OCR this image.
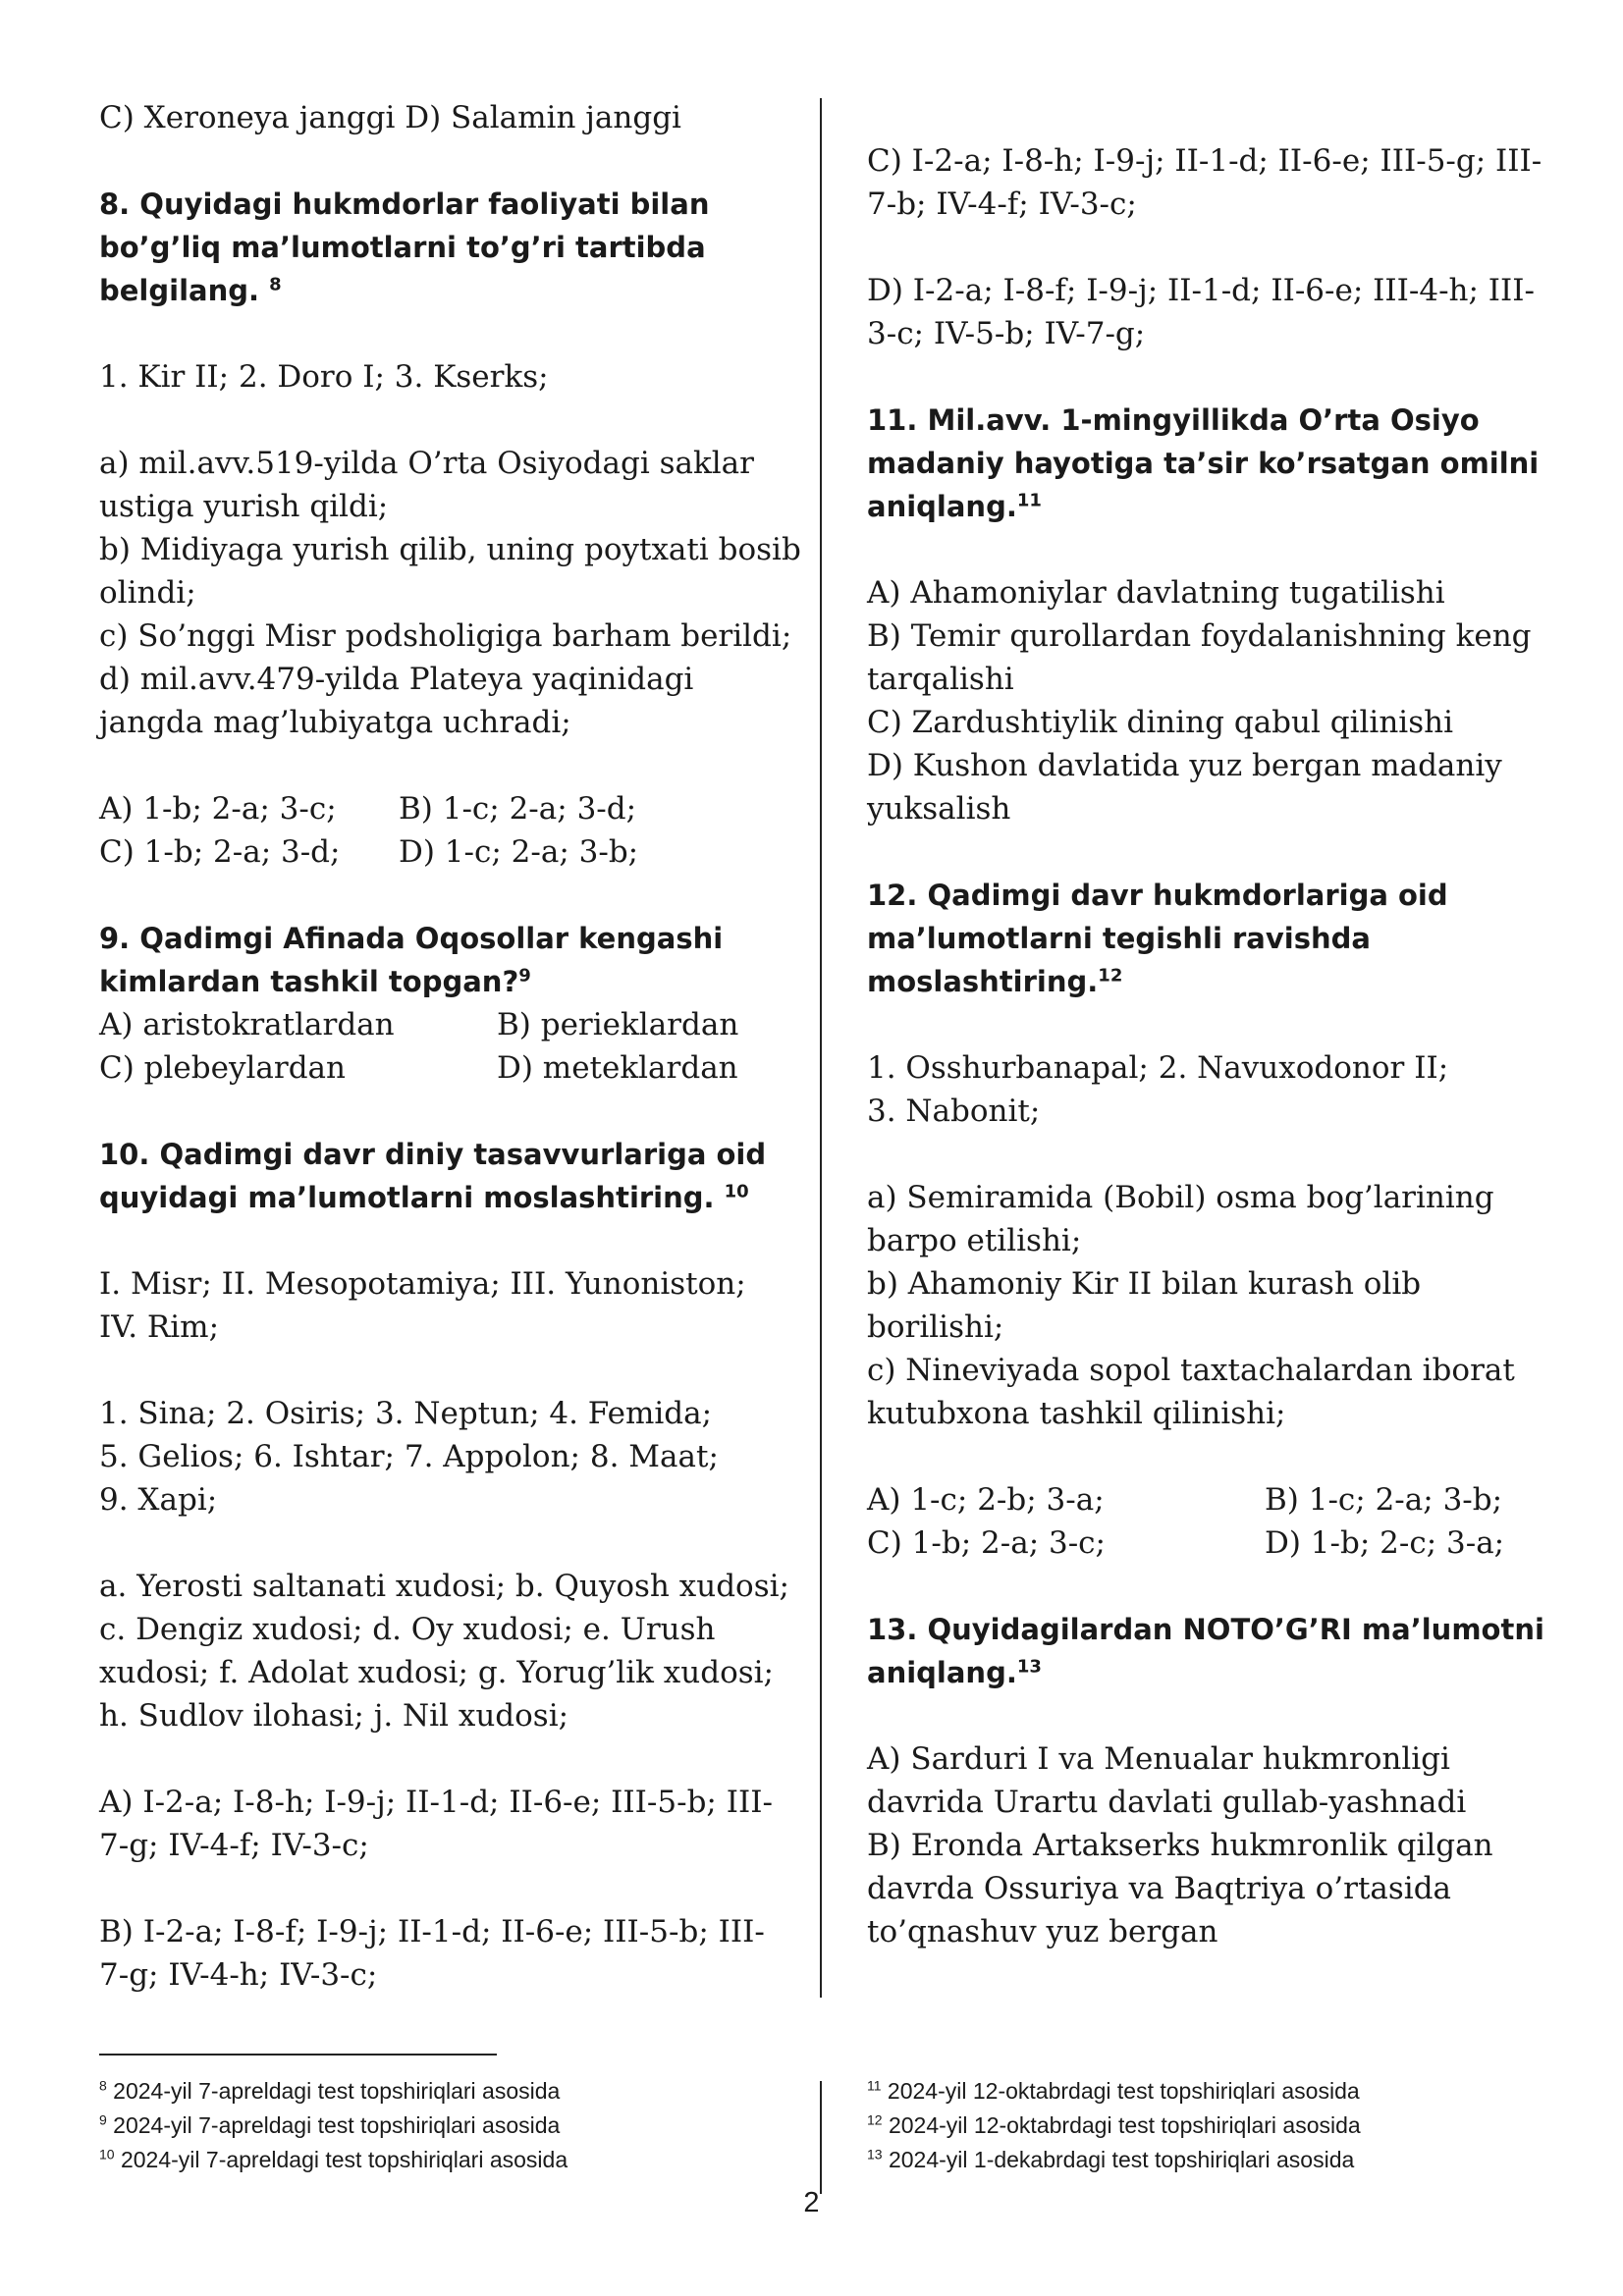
C) Xeroneya janggi D) Salamin janggi
8. Quyidagi hukmdorlar faoliyati bilan
bo’g’liq ma’lumotlarni to’g’ri tartibda
belgilang. $^8$
1. Kir II; 2. Doro I; 3. Kserks;
a) mil.avv.519-yilda O’rta Osiyodagi saklar
ustiga yurish qildi;
b) Midiyaga yurish qilib, uning poytxati bosib
olindi;
c) So’nggi Misr podsholigiga barham berildi;
d) mil.avv.479-yilda Plateya yaqinidagi
jangda mag’lubiyatga uchradi;
A) 1-b; 2-a; 3-c;	B) 1-c; 2-a; 3-d;
C) 1-b; 2-a; 3-d;	D) 1-c; 2-a; 3-b;
9. Qadimgi Afinada Oqosollar kengashi
kimlardan tashkil topgan?$^9$
A) aristokratlardan	B) perieklardan
C) plebeylardan	D) meteklardan
10. Qadimgi davr diniy tasavvurlariga oid
quyidagi ma’lumotlarni moslashtiring. $^{10}$
I. Misr; II. Mesopotamiya; III. Yunoniston;
IV. Rim;
1. Sina; 2. Osiris; 3. Neptun; 4. Femida;
5. Gelios; 6. Ishtar; 7. Appolon; 8. Maat;
9. Xapi;
a. Yerosti saltanati xudosi; b. Quyosh xudosi;
c. Dengiz xudosi; d. Oy xudosi; e. Urush
xudosi; f. Adolat xudosi; g. Yorug’lik xudosi;
h. Sudlov ilohasi; j. Nil xudosi;
A) I-2-a; I-8-h; I-9-j; II-1-d; II-6-e; III-5-b; III-
7-g; IV-4-f; IV-3-c;
B) I-2-a; I-8-f; I-9-j; II-1-d; II-6-e; III-5-b; III-
7-g; IV-4-h; IV-3-c;
C) I-2-a; I-8-h; I-9-j; II-1-d; II-6-e; III-5-g; III-
7-b; IV-4-f; IV-3-c;
D) I-2-a; I-8-f; I-9-j; II-1-d; II-6-e; III-4-h; III-
3-c; IV-5-b; IV-7-g;
11. Mil.avv. 1-mingyillikda O’rta Osiyo
madaniy hayotiga ta’sir ko’rsatgan omilni
aniqlang.$^{11}$
A) Ahamoniylar davlatning tugatilishi
B) Temir qurollardan foydalanishning keng
tarqalishi
C) Zardushtiylik dining qabul qilinishi
D) Kushon davlatida yuz bergan madaniy
yuksalish
12. Qadimgi davr hukmdorlariga oid
ma’lumotlarni tegishli ravishda
moslashtiring.$^{12}$
1. Osshurbanapal; 2. Navuxodonor II;
3. Nabonit;
a) Semiramida (Bobil) osma bog’larining
barpo etilishi;
b) Ahamoniy Kir II bilan kurash olib
borilishi;
c) Nineviyada sopol taxtachalardan iborat
kutubxona tashkil qilinishi;
A) 1-c; 2-b; 3-a;	B) 1-c; 2-a; 3-b;
C) 1-b; 2-a; 3-c;	D) 1-b; 2-c; 3-a;
13. Quyidagilardan NOTO’G’RI ma’lumotni
aniqlang.$^{13}$
A) Sarduri I va Menualar hukmronligi
davrida Urartu davlati gullab-yashnadi
B) Eronda Artakserks hukmronlik qilgan
davrda Ossuriya va Baqtriya o’rtasida
to’qnashuv yuz bergan
$^8$ 2024-yil 7-apreldagi test topshiriqlari asosida
$^9$ 2024-yil 7-apreldagi test topshiriqlari asosida
$^{10}$ 2024-yil 7-apreldagi test topshiriqlari asosida
$^{11}$ 2024-yil 12-oktabrdagi test topshiriqlari asosida
$^{12}$ 2024-yil 12-oktabrdagi test topshiriqlari asosida
$^{13}$ 2024-yil 1-dekabrdagi test topshiriqlari asosida
2
